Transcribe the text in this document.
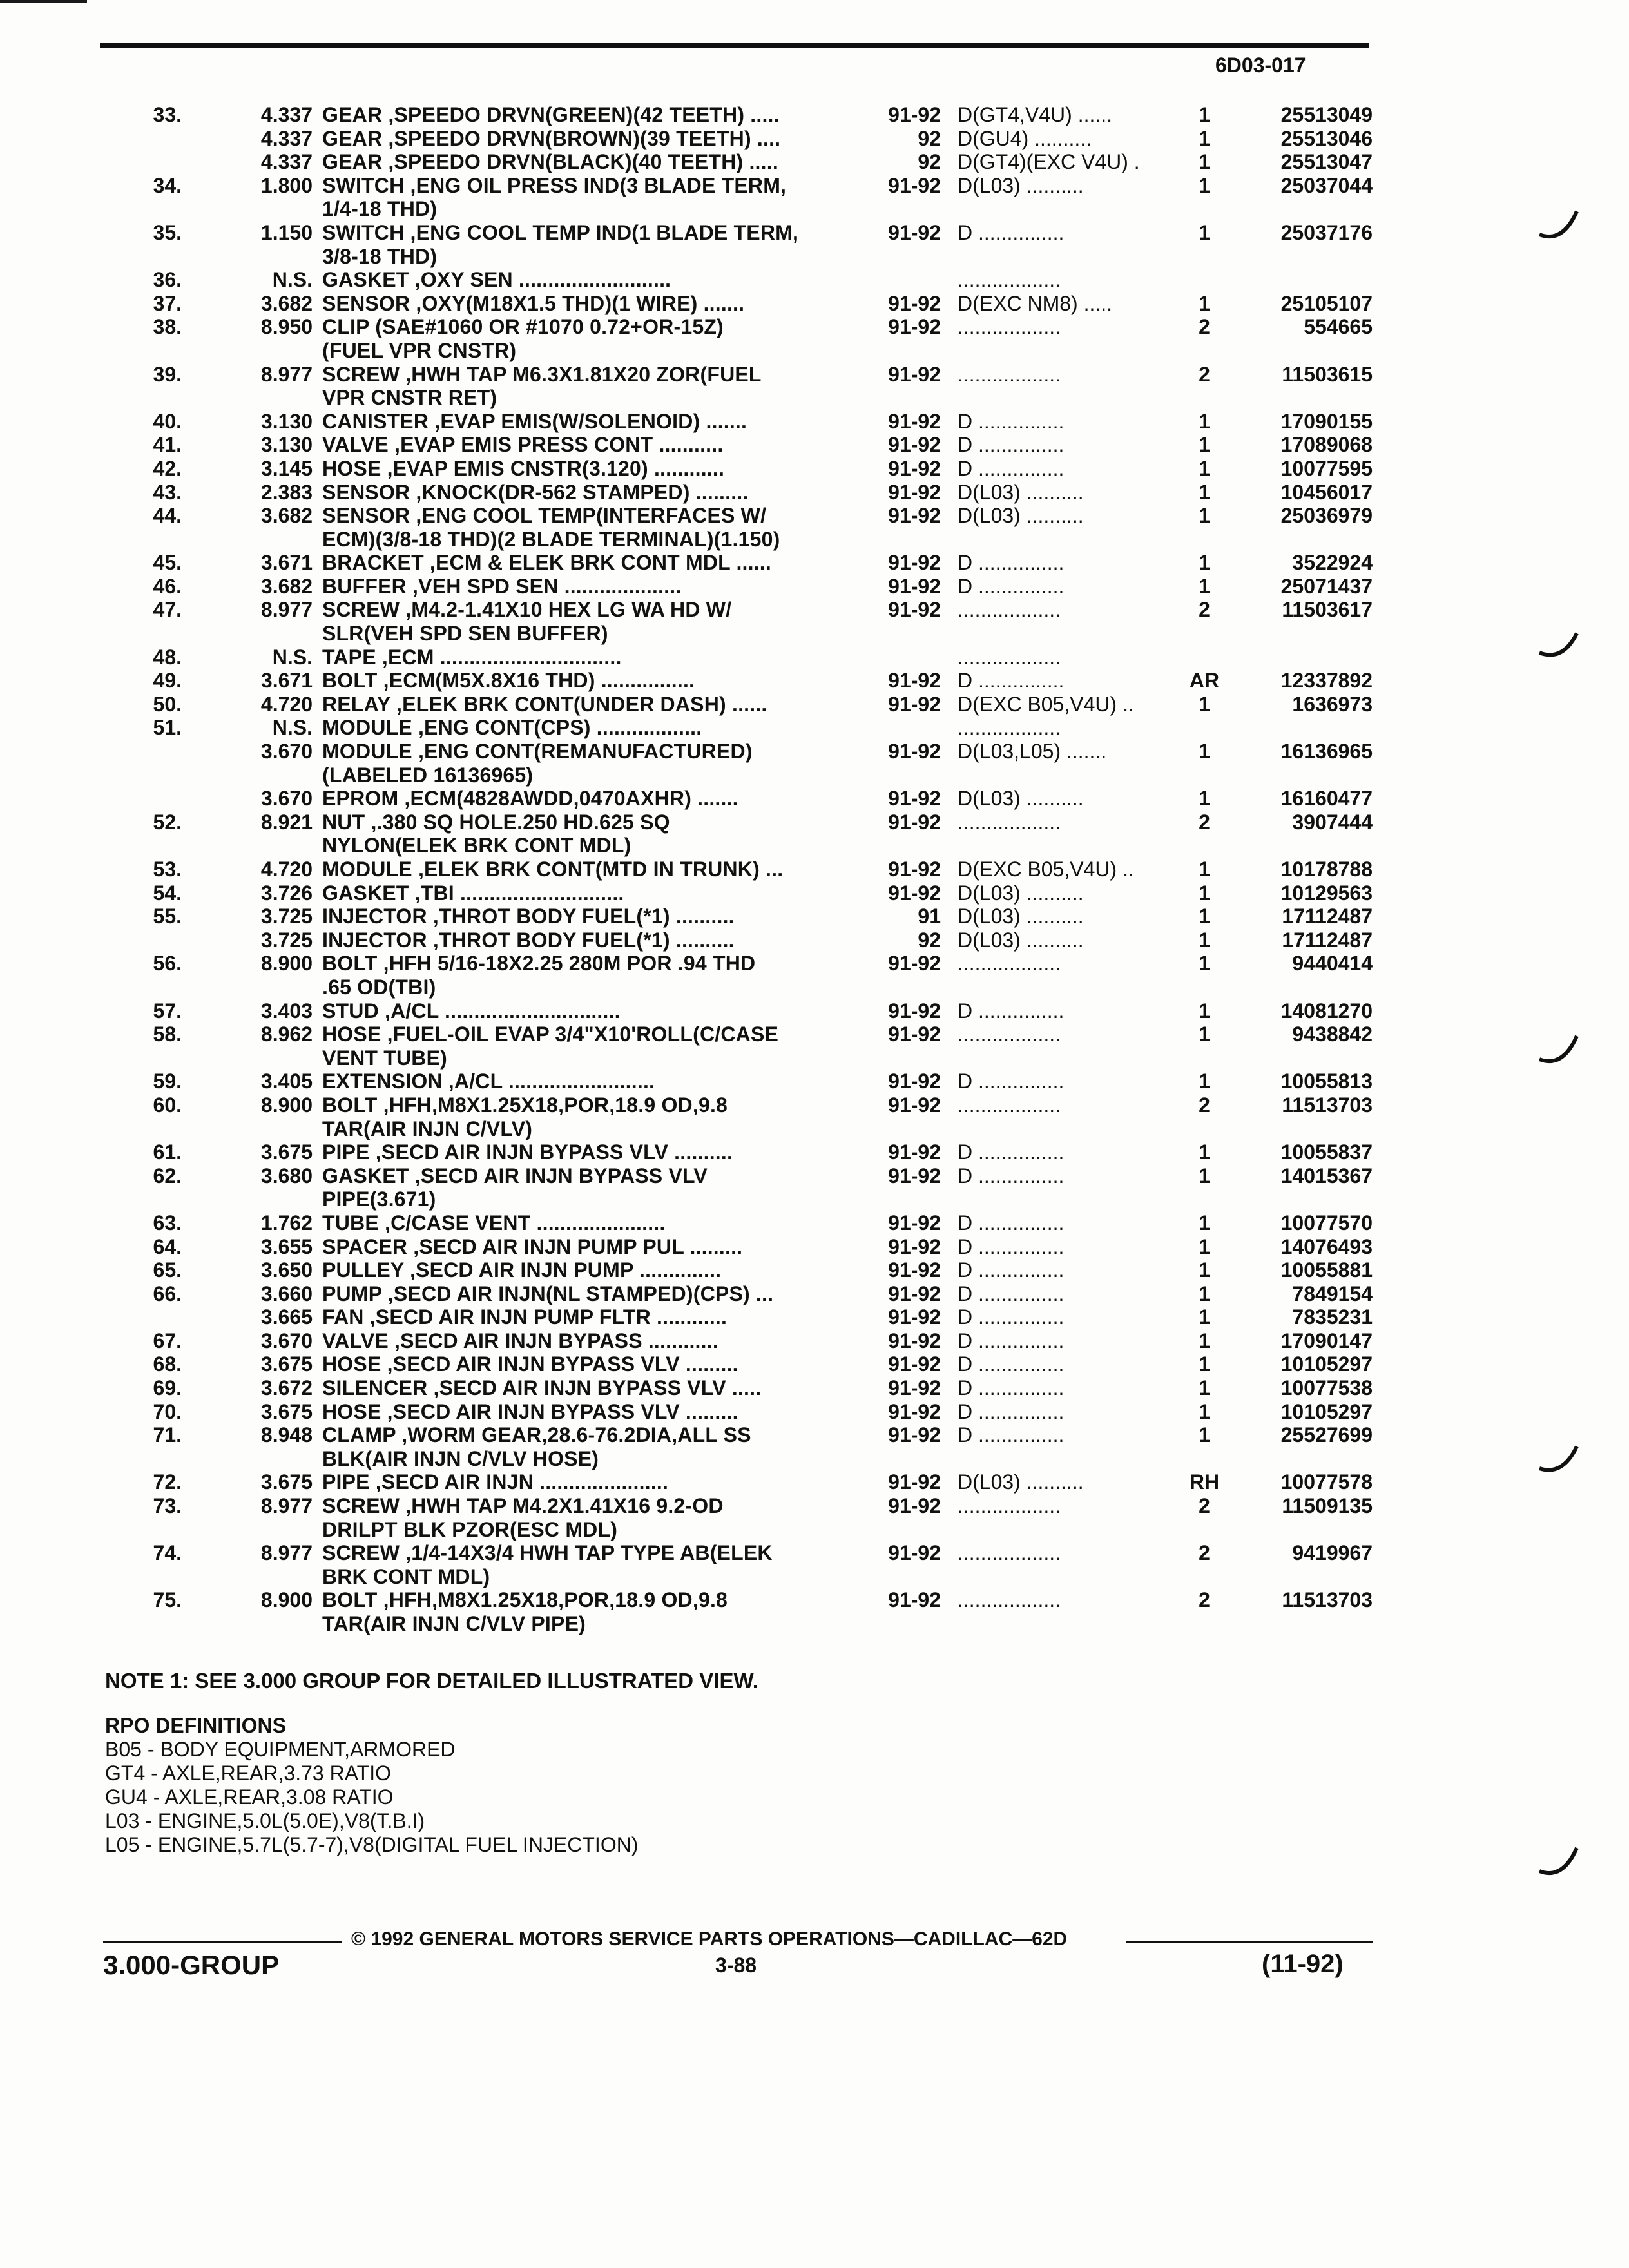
6D03-017
33.	4.337 GEAR ,SPEEDO DRVN(GREEN)(42 TEETH) .....	91-92 D(GT4,V4U) ......	1	25513049
4.337 GEAR ,SPEEDO DRVN(BROWN)(39 TEETH) ....	92 D(GU4) ..........	1	25513046
4.337 GEAR ,SPEEDO DRVN(BLACK)(40 TEETH) .....	92 D(GT4)(EXC V4U) .	1	25513047
34.	1.800 SWITCH ,ENG OIL PRESS IND(3 BLADE TERM,	91-92 D(L03) ..........	1	25037044
1/4-18 THD)
35.	1.150 SWITCH ,ENG COOL TEMP IND(1 BLADE TERM,	91-92 D ...............	1	25037176
3/8-18 THD)
36.	N.S. GASKET ,OXY SEN ..........................	..................
37.	3.682 SENSOR ,OXY(M18X1.5 THD)(1 WIRE) .......	91-92 D(EXC NM8) .....	1	25105107
38.	8.950 CLIP (SAE#1060 OR #1070 0.72+OR-15Z)	91-92 ..................	2	554665
(FUEL VPR CNSTR)
39.	8.977 SCREW ,HWH TAP M6.3X1.81X20 ZOR(FUEL	91-92 ..................	2	11503615
VPR CNSTR RET)
40.	3.130 CANISTER ,EVAP EMIS(W/SOLENOID) .......	91-92 D ...............	1	17090155
41.	3.130 VALVE ,EVAP EMIS PRESS CONT ...........	91-92 D ...............	1	17089068
42.	3.145 HOSE ,EVAP EMIS CNSTR(3.120) ............	91-92 D ...............	1	10077595
43.	2.383 SENSOR ,KNOCK(DR-562 STAMPED) .........	91-92 D(L03) ..........	1	10456017
44.	3.682 SENSOR ,ENG COOL TEMP(INTERFACES W/	91-92 D(L03) ..........	1	25036979
ECM)(3/8-18 THD)(2 BLADE TERMINAL)(1.150)
45.	3.671 BRACKET ,ECM & ELEK BRK CONT MDL ......	91-92 D ...............	1	3522924
46.	3.682 BUFFER ,VEH SPD SEN ....................	91-92 D ...............	1	25071437
47.	8.977 SCREW ,M4.2-1.41X10 HEX LG WA HD W/	91-92 ..................	2	11503617
SLR(VEH SPD SEN BUFFER)
48.	N.S. TAPE ,ECM ...............................	..................
49.	3.671 BOLT ,ECM(M5X.8X16 THD) ................	91-92 D ...............	AR	12337892
50.	4.720 RELAY ,ELEK BRK CONT(UNDER DASH) ......	91-92 D(EXC B05,V4U) ..	1	1636973
51.	N.S. MODULE ,ENG CONT(CPS) ..................	..................
3.670 MODULE ,ENG CONT(REMANUFACTURED)	91-92 D(L03,L05) .......	1	16136965
(LABELED 16136965)
3.670 EPROM ,ECM(4828AWDD,0470AXHR) .......	91-92 D(L03) ..........	1	16160477
52.	8.921 NUT ,.380 SQ HOLE.250 HD.625 SQ	91-92 ..................	2	3907444
NYLON(ELEK BRK CONT MDL)
53.	4.720 MODULE ,ELEK BRK CONT(MTD IN TRUNK) ...	91-92 D(EXC B05,V4U) ..	1	10178788
54.	3.726 GASKET ,TBI ............................	91-92 D(L03) ..........	1	10129563
55.	3.725 INJECTOR ,THROT BODY FUEL(*1) ..........	91 D(L03) ..........	1	17112487
3.725 INJECTOR ,THROT BODY FUEL(*1) ..........	92 D(L03) ..........	1	17112487
56.	8.900 BOLT ,HFH 5/16-18X2.25 280M POR .94 THD	91-92 ..................	1	9440414
.65 OD(TBI)
57.	3.403 STUD ,A/CL ..............................	91-92 D ...............	1	14081270
58.	8.962 HOSE ,FUEL-OIL EVAP 3/4"X10'ROLL(C/CASE	91-92 ..................	1	9438842
VENT TUBE)
59.	3.405 EXTENSION ,A/CL .........................	91-92 D ...............	1	10055813
60.	8.900 BOLT ,HFH,M8X1.25X18,POR,18.9 OD,9.8	91-92 ..................	2	11513703
TAR(AIR INJN C/VLV)
61.	3.675 PIPE ,SECD AIR INJN BYPASS VLV ..........	91-92 D ...............	1	10055837
62.	3.680 GASKET ,SECD AIR INJN BYPASS VLV	91-92 D ...............	1	14015367
PIPE(3.671)
63.	1.762 TUBE ,C/CASE VENT ......................	91-92 D ...............	1	10077570
64.	3.655 SPACER ,SECD AIR INJN PUMP PUL .........	91-92 D ...............	1	14076493
65.	3.650 PULLEY ,SECD AIR INJN PUMP ..............	91-92 D ...............	1	10055881
66.	3.660 PUMP ,SECD AIR INJN(NL STAMPED)(CPS) ...	91-92 D ...............	1	7849154
3.665 FAN ,SECD AIR INJN PUMP FLTR ............	91-92 D ...............	1	7835231
67.	3.670 VALVE ,SECD AIR INJN BYPASS ............	91-92 D ...............	1	17090147
68.	3.675 HOSE ,SECD AIR INJN BYPASS VLV .........	91-92 D ...............	1	10105297
69.	3.672 SILENCER ,SECD AIR INJN BYPASS VLV .....	91-92 D ...............	1	10077538
70.	3.675 HOSE ,SECD AIR INJN BYPASS VLV .........	91-92 D ...............	1	10105297
71.	8.948 CLAMP ,WORM GEAR,28.6-76.2DIA,ALL SS	91-92 D ...............	1	25527699
BLK(AIR INJN C/VLV HOSE)
72.	3.675 PIPE ,SECD AIR INJN ......................	91-92 D(L03) ..........	RH	10077578
73.	8.977 SCREW ,HWH TAP M4.2X1.41X16 9.2-OD	91-92 ..................	2	11509135
DRILPT BLK PZOR(ESC MDL)
74.	8.977 SCREW ,1/4-14X3/4 HWH TAP TYPE AB(ELEK	91-92 ..................	2	9419967
BRK CONT MDL)
75.	8.900 BOLT ,HFH,M8X1.25X18,POR,18.9 OD,9.8	91-92 ..................	2	11513703
TAR(AIR INJN C/VLV PIPE)
NOTE 1: SEE 3.000 GROUP FOR DETAILED ILLUSTRATED VIEW.
RPO DEFINITIONS
B05 - BODY EQUIPMENT,ARMORED
GT4 - AXLE,REAR,3.73 RATIO
GU4 - AXLE,REAR,3.08 RATIO
L03 - ENGINE,5.0L(5.0E),V8(T.B.I)
L05 - ENGINE,5.7L(5.7-7),V8(DIGITAL FUEL INJECTION)
© 1992 GENERAL MOTORS SERVICE PARTS OPERATIONS—CADILLAC—62D
3.000-GROUP	3-88	(11-92)
